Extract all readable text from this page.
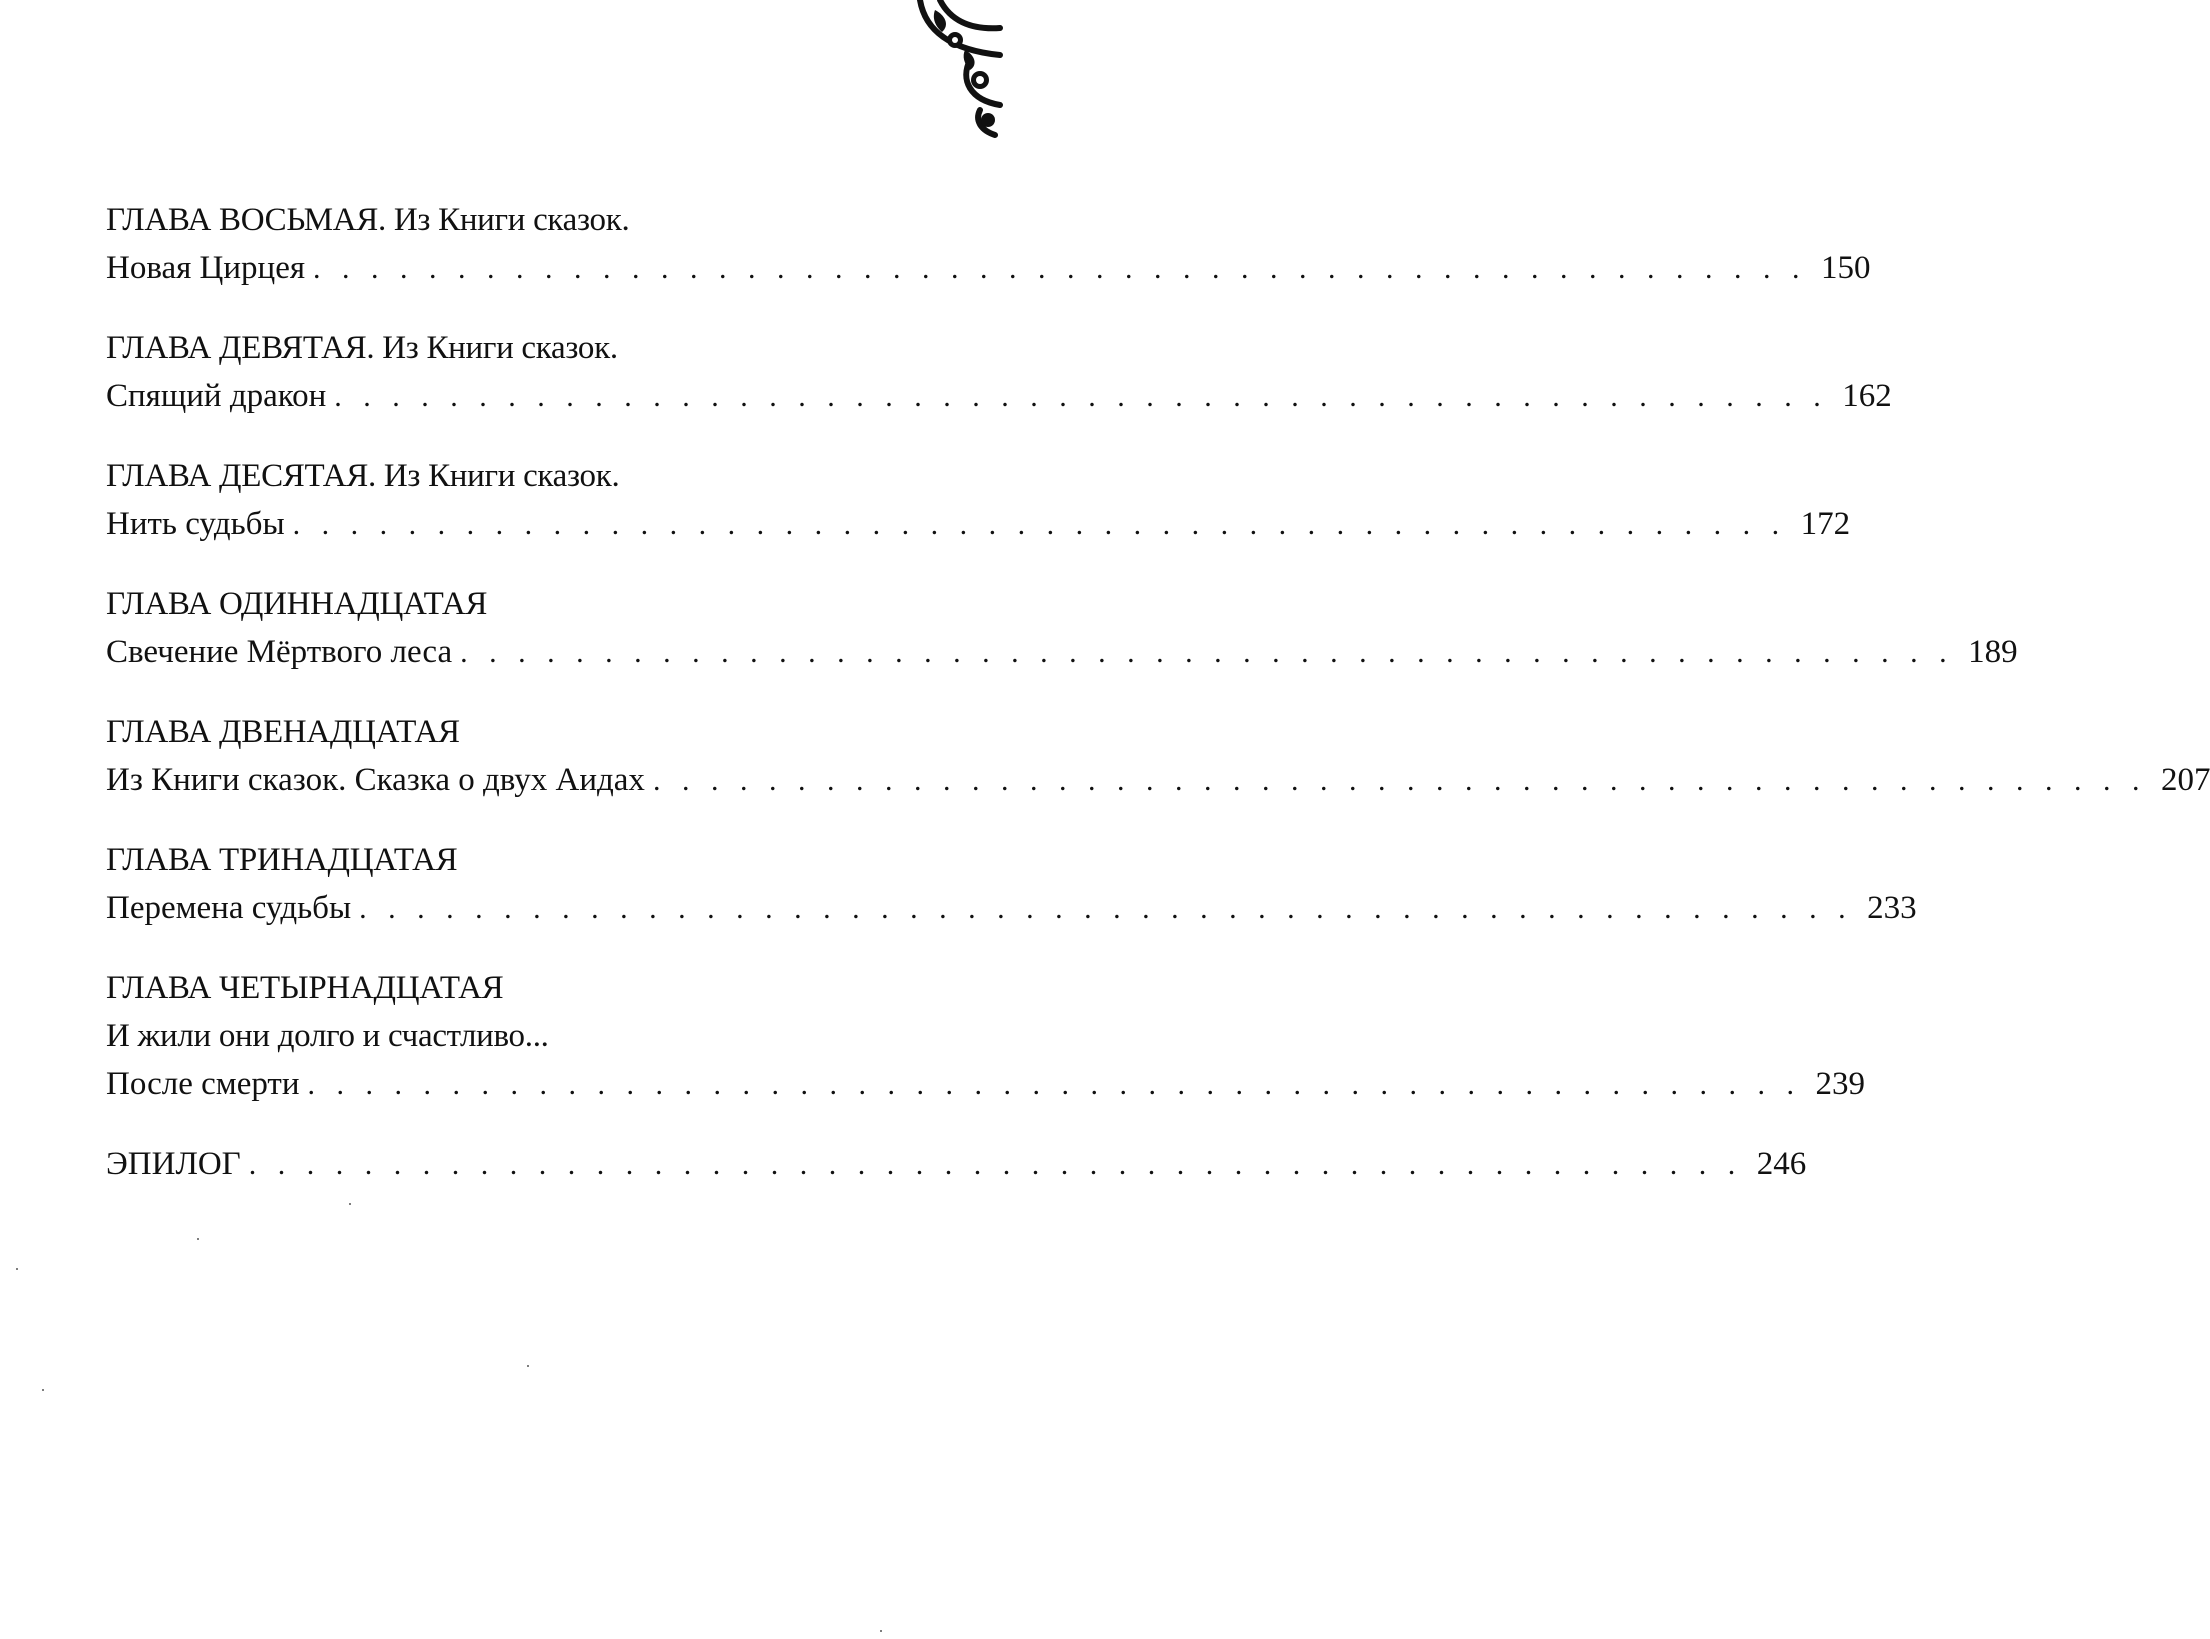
ГЛАВА ВОСЬМАЯ. Из Книги сказок.
Новая Цирцея . . . . . . . . . . . . . . . . . . . . . . . . . . . . . . . . . . . . . . . . . . . . . . . . . . . . 150
ГЛАВА ДЕВЯТАЯ. Из Книги сказок.
Спящий дракон . . . . . . . . . . . . . . . . . . . . . . . . . . . . . . . . . . . . . . . . . . . . . . . . . . . . 162
ГЛАВА ДЕСЯТАЯ. Из Книги сказок.
Нить судьбы . . . . . . . . . . . . . . . . . . . . . . . . . . . . . . . . . . . . . . . . . . . . . . . . . . . . 172
ГЛАВА ОДИННАДЦАТАЯ
Свечение Мёртвого леса . . . . . . . . . . . . . . . . . . . . . . . . . . . . . . . . . . . . . . . . . . . . . . . . . . . . 189
ГЛАВА ДВЕНАДЦАТАЯ
Из Книги сказок. Сказка о двух Аидах . . . . . . . . . . . . . . . . . . . . . . . . . . . . . . . . . . . . . . . . . . . . . . . . . . . . 207
ГЛАВА ТРИНАДЦАТАЯ
Перемена судьбы . . . . . . . . . . . . . . . . . . . . . . . . . . . . . . . . . . . . . . . . . . . . . . . . . . . . 233
ГЛАВА ЧЕТЫРНАДЦАТАЯ
И жили они долго и счастливо...
После смерти . . . . . . . . . . . . . . . . . . . . . . . . . . . . . . . . . . . . . . . . . . . . . . . . . . . . 239
ЭПИЛОГ . . . . . . . . . . . . . . . . . . . . . . . . . . . . . . . . . . . . . . . . . . . . . . . . . . . . 246
